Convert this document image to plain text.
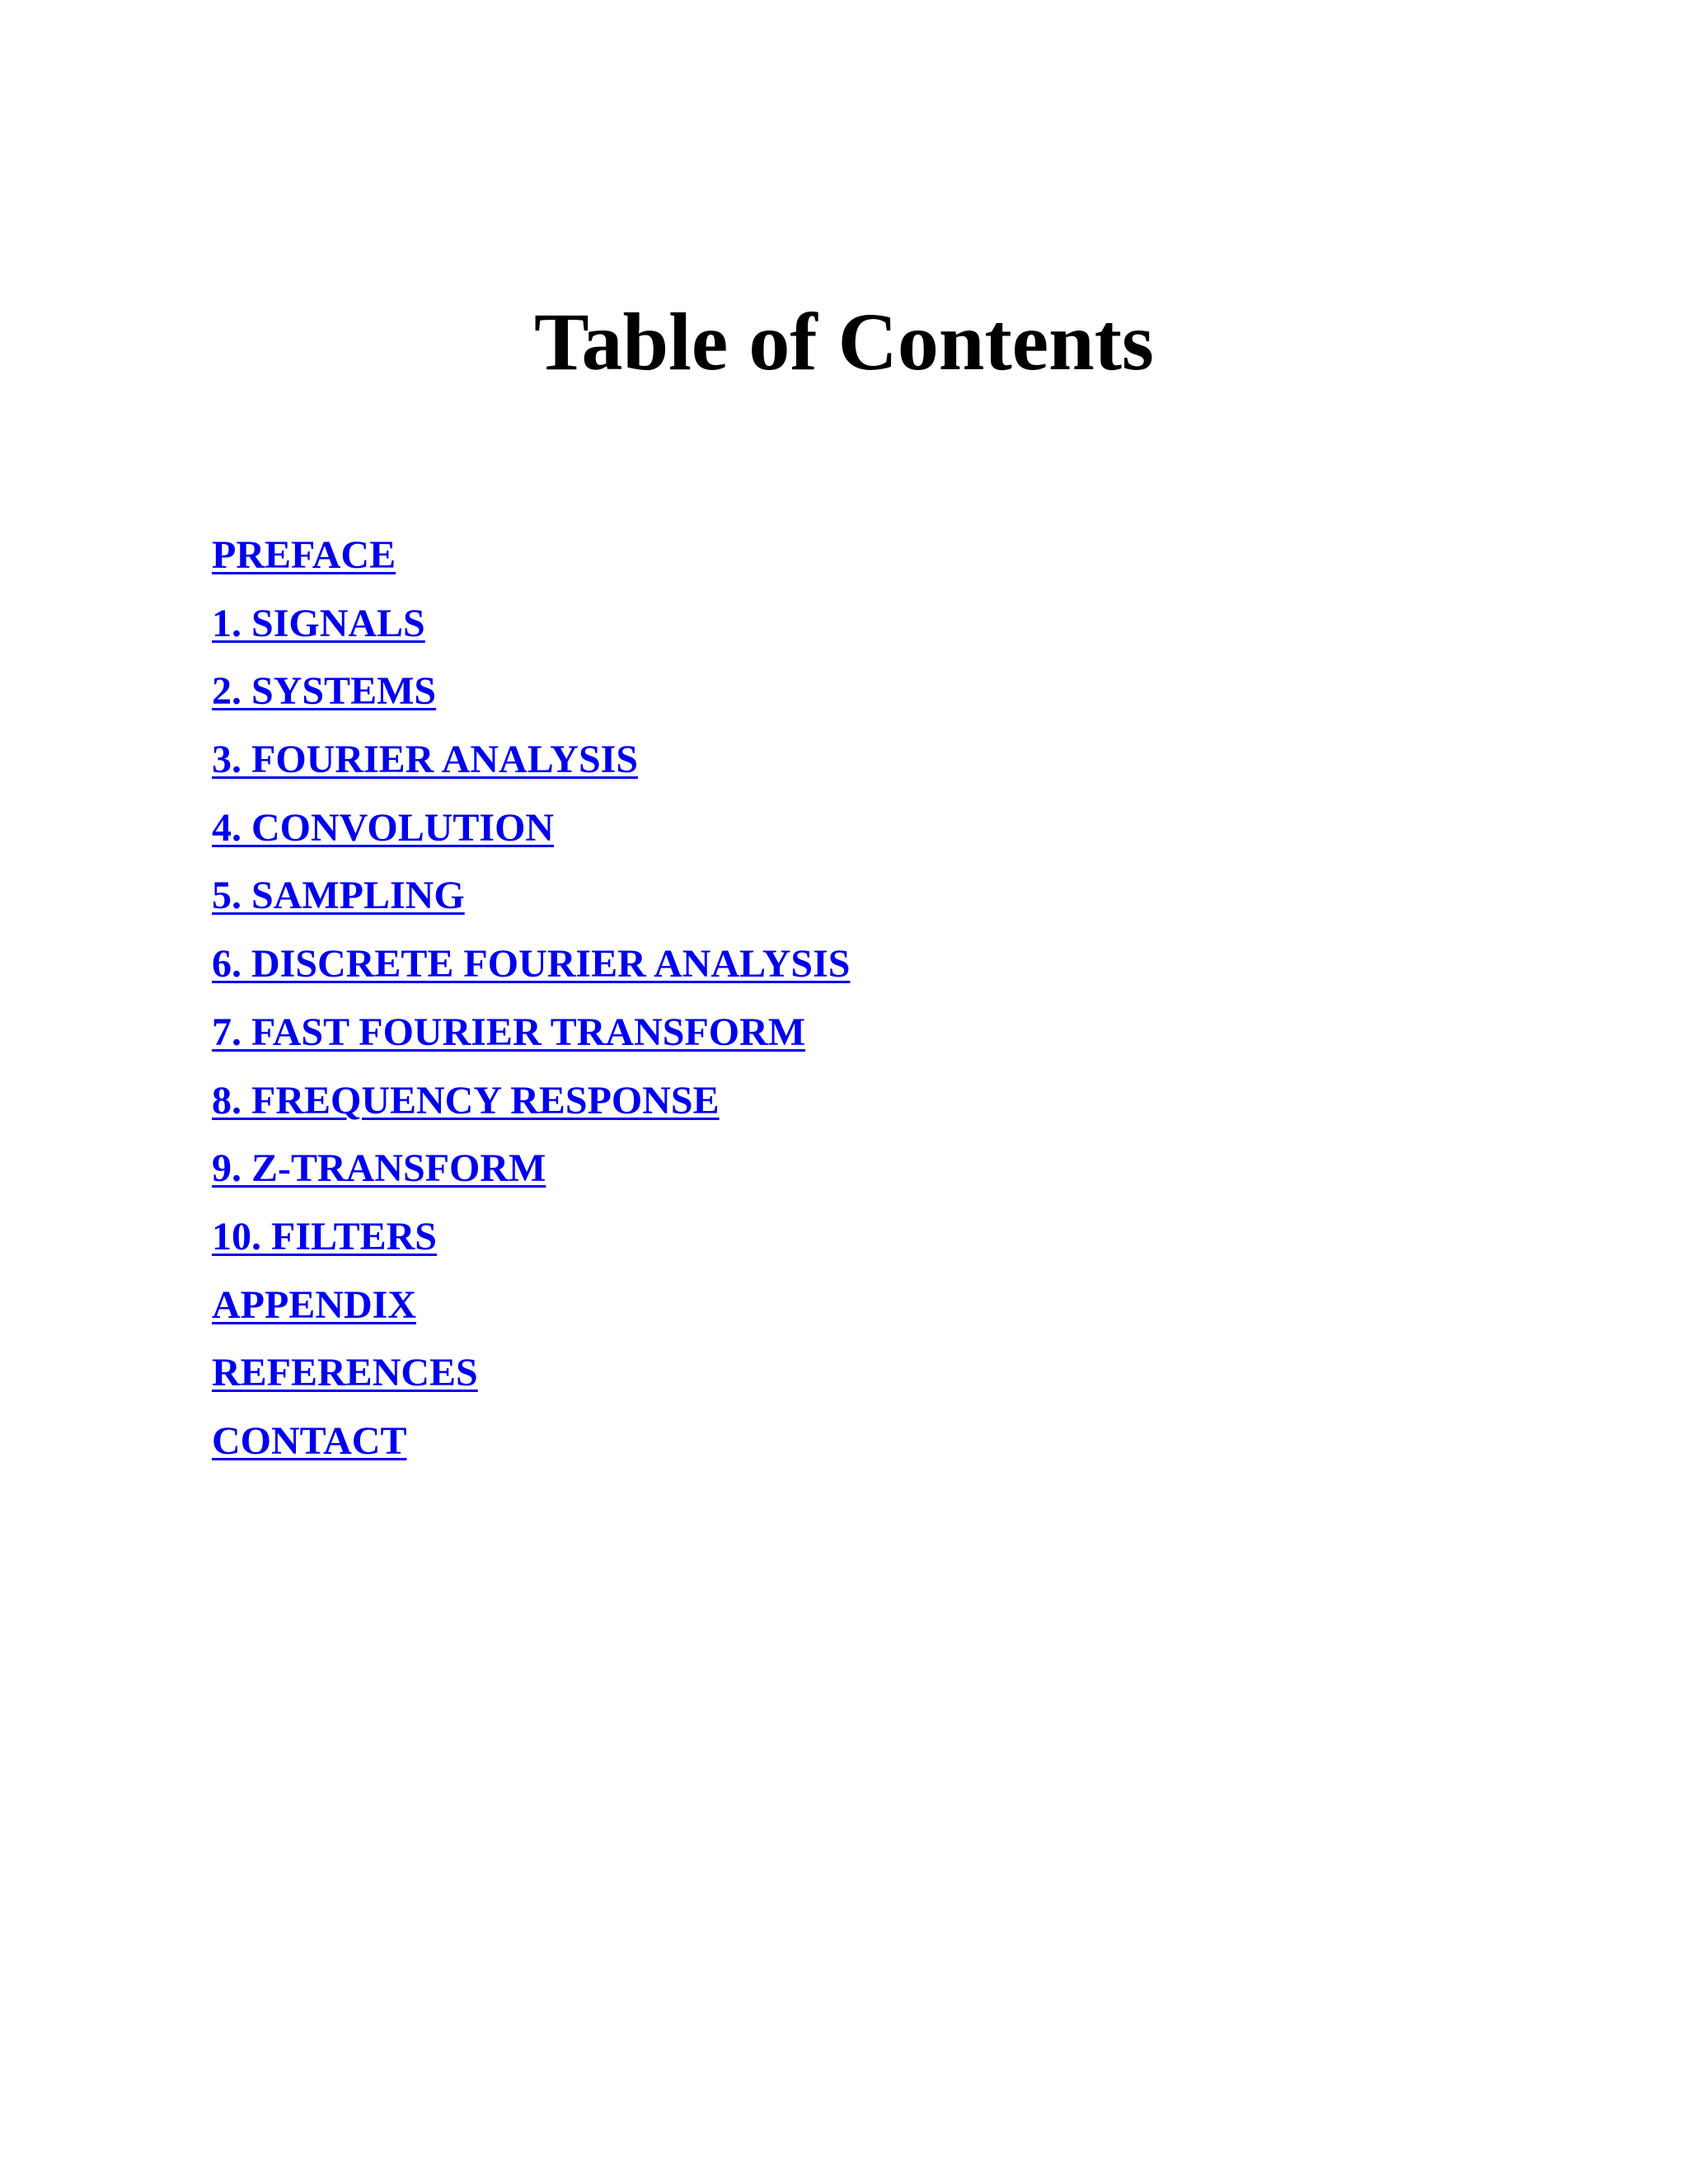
Table of Contents
PREFACE
1. SIGNALS
2. SYSTEMS
3. FOURIER ANALYSIS
4. CONVOLUTION
5. SAMPLING
6. DISCRETE FOURIER ANALYSIS
7. FAST FOURIER TRANSFORM
8. FREQUENCY RESPONSE
9. Z-TRANSFORM
10. FILTERS
APPENDIX
REFERENCES
CONTACT
